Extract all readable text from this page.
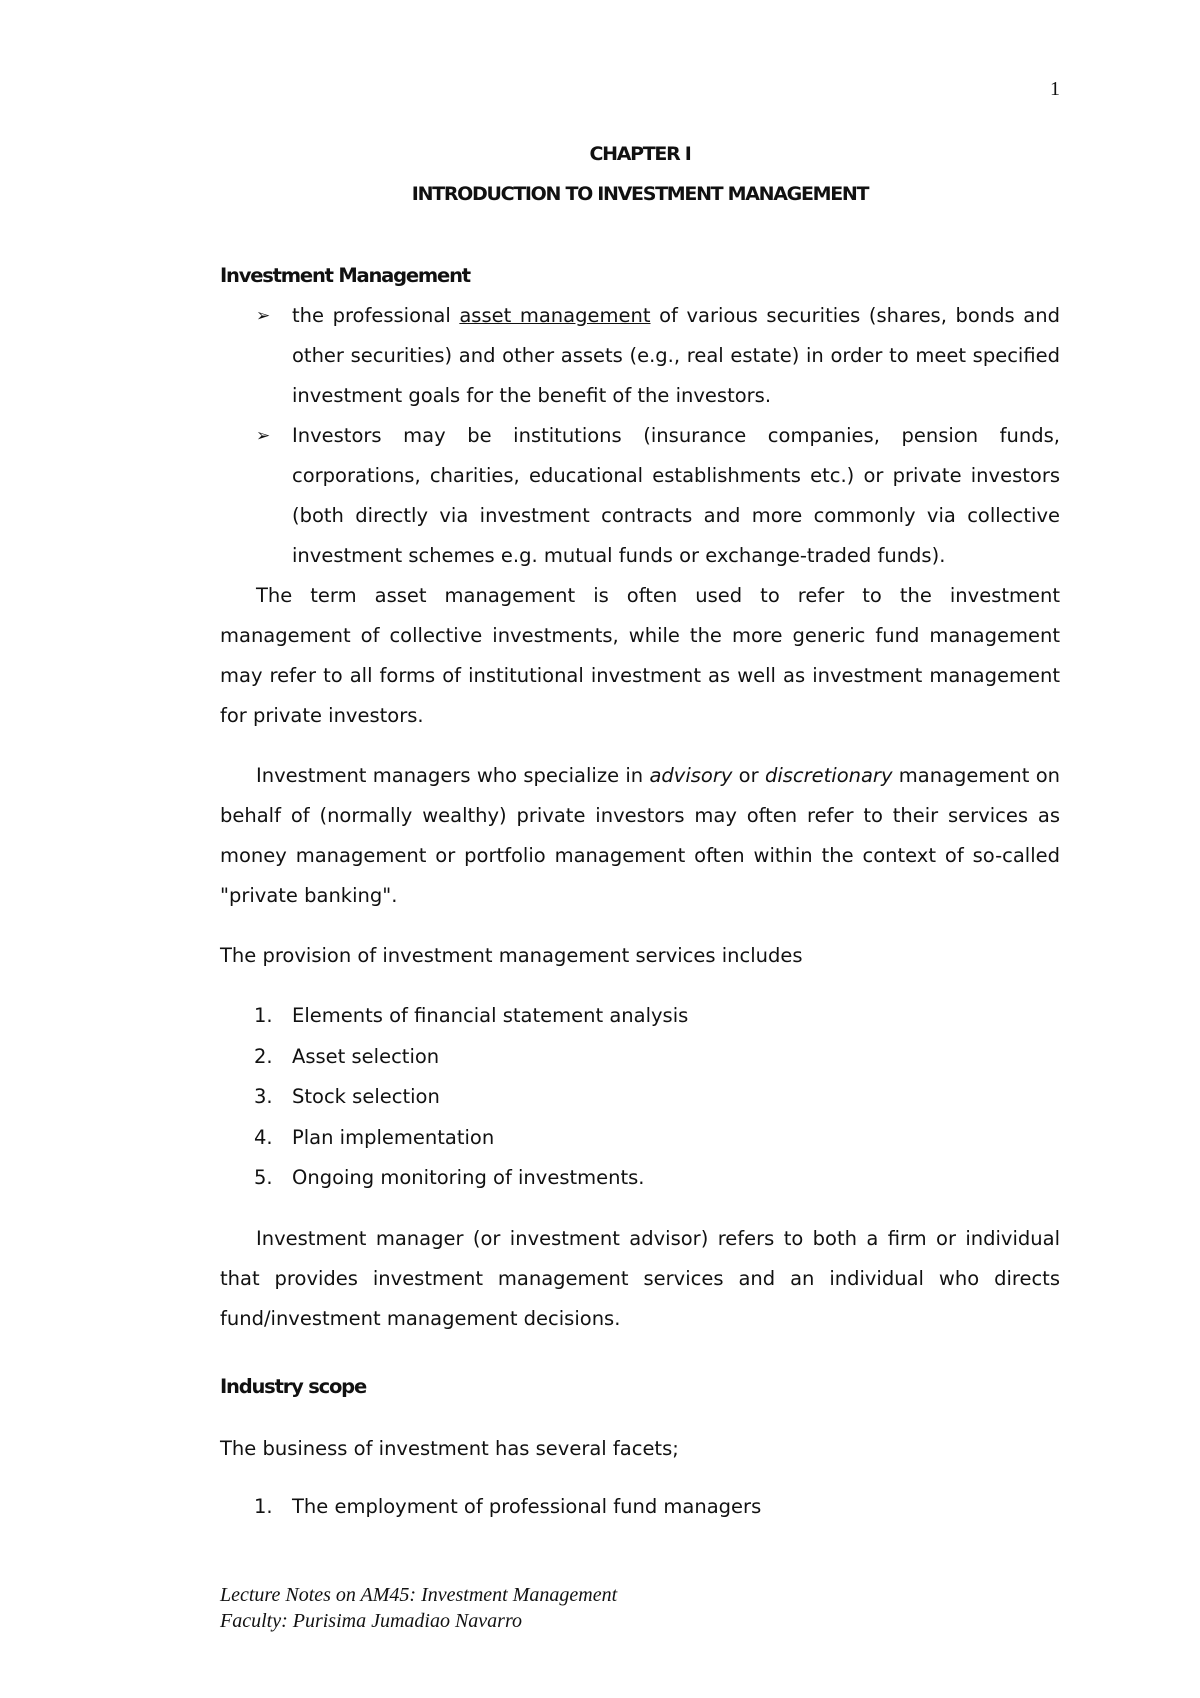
1
CHAPTER I
INTRODUCTION TO INVESTMENT MANAGEMENT
Investment Management
➢ the professional asset management of various securities (shares, bonds and other securities) and other assets (e.g., real estate) in order to meet specified investment goals for the benefit of the investors.
➢ Investors may be institutions (insurance companies, pension funds, corporations, charities, educational establishments etc.) or private investors (both directly via investment contracts and more commonly via collective investment schemes e.g. mutual funds or exchange-traded funds).

The term asset management is often used to refer to the investment management of collective investments, while the more generic fund management may refer to all forms of institutional investment as well as investment management for private investors.

Investment managers who specialize in advisory or discretionary management on behalf of (normally wealthy) private investors may often refer to their services as money management or portfolio management often within the context of so-called "private banking".

The provision of investment management services includes

1. Elements of financial statement analysis
2. Asset selection
3. Stock selection
4. Plan implementation
5. Ongoing monitoring of investments.

Investment manager (or investment advisor) refers to both a firm or individual that provides investment management services and an individual who directs fund/investment management decisions.

Industry scope

The business of investment has several facets;

1. The employment of professional fund managers
Lecture Notes on AM45: Investment Management
Faculty: Purisima Jumadiao Navarro
